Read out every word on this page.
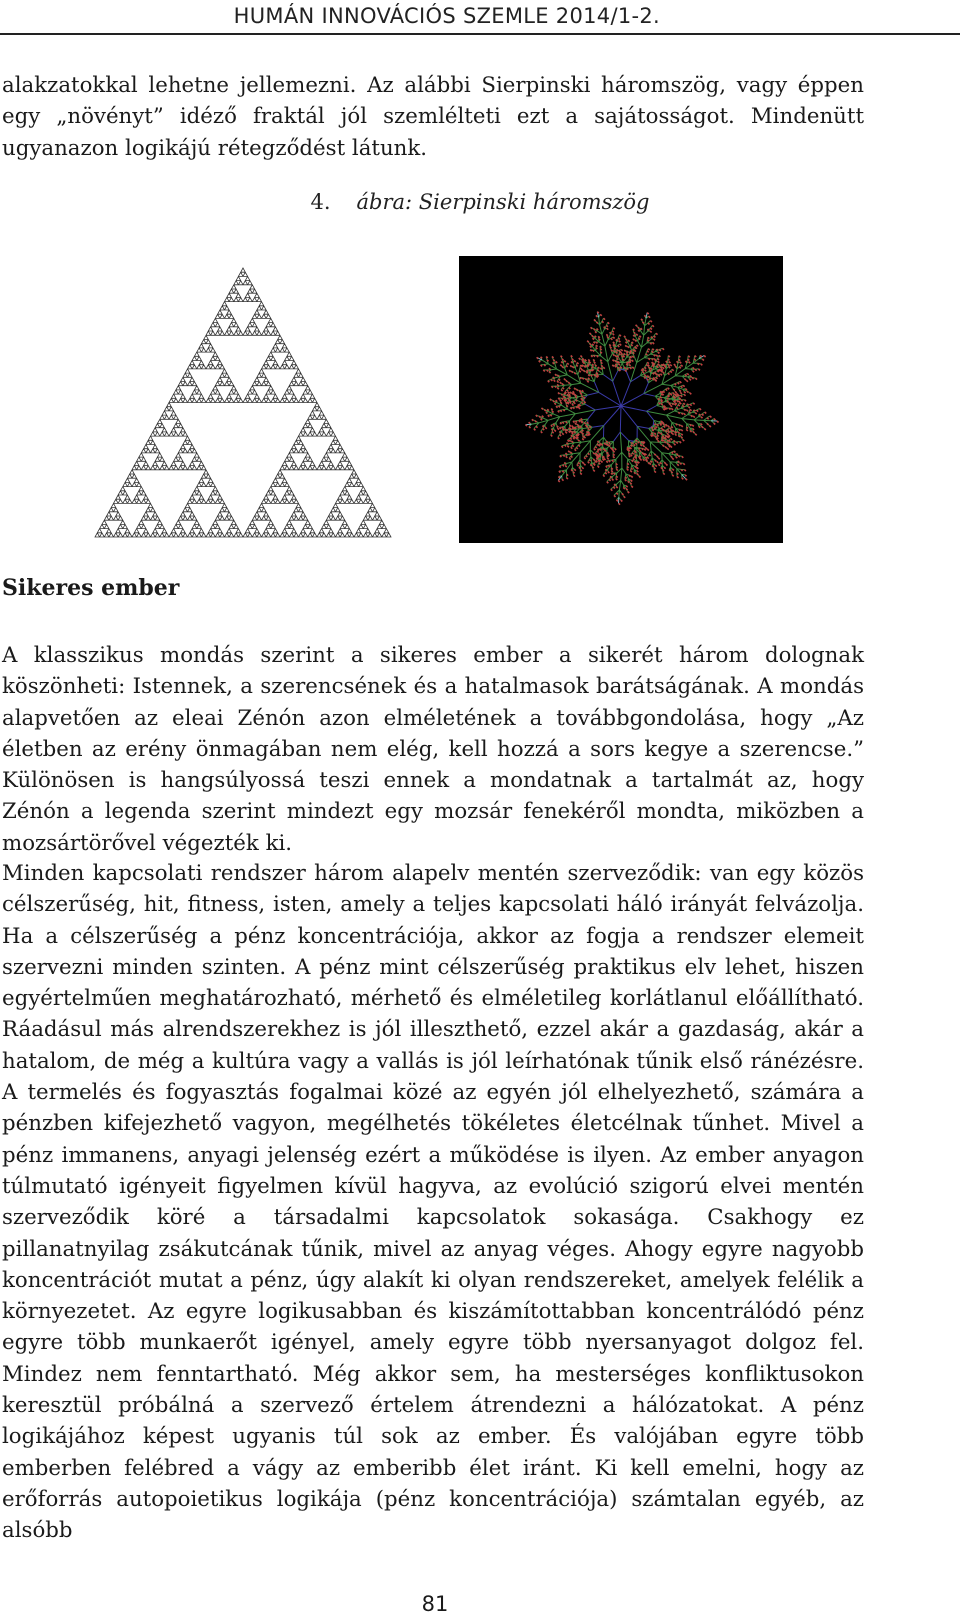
HUMÁN INNOVÁCIÓS SZEMLE 2014/1-2.

alakzatokkal lehetne jellemezni. Az alábbi Sierpinski háromszög, vagy éppen egy „növényt” idéző fraktál jól szemlélteti ezt a sajátosságot. Mindenütt ugyanazon logikájú rétegződést látunk.

4. ábra: Sierpinski háromszög
Sikeres ember

A klasszikus mondás szerint a sikeres ember a sikerét három dolognak köszönheti: Istennek, a szerencsének és a hatalmasok barátságának. A mondás alapvetően az eleai Zénón azon elméletének a továbbgondolása, hogy „Az életben az erény önmagában nem elég, kell hozzá a sors kegye a szerencse.” Különösen is hangsúlyossá teszi ennek a mondatnak a tartalmát az, hogy Zénón a legenda szerint mindezt egy mozsár fenekéről mondta, miközben a mozsártörővel végezték ki.

Minden kapcsolati rendszer három alapelv mentén szerveződik: van egy közös célszerűség, hit, fitness, isten, amely a teljes kapcsolati háló irányát felvázolja. Ha a célszerűség a pénz koncentrációja, akkor az fogja a rendszer elemeit szervezni minden szinten. A pénz mint célszerűség praktikus elv lehet, hiszen egyértelműen meghatározható, mérhető és elméletileg korlátlanul előállítható. Ráadásul más alrendszerekhez is jól illeszthető, ezzel akár a gazdaság, akár a hatalom, de még a kultúra vagy a vallás is jól leírhatónak tűnik első ránézésre. A termelés és fogyasztás fogalmai közé az egyén jól elhelyezhető, számára a pénzben kifejezhető vagyon, megélhetés tökéletes életcélnak tűnhet. Mivel a pénz immanens, anyagi jelenség ezért a működése is ilyen. Az ember anyagon túlmutató igényeit figyelmen kívül hagyva, az evolúció szigorú elvei mentén szerveződik köré a társadalmi kapcsolatok sokasága. Csakhogy ez pillanatnyilag zsákutcának tűnik, mivel az anyag véges. Ahogy egyre nagyobb koncentrációt mutat a pénz, úgy alakít ki olyan rendszereket, amelyek felélik a környezetet. Az egyre logikusabban és kiszámítottabban koncentrálódó pénz egyre több munkaerőt igényel, amely egyre több nyersanyagot dolgoz fel. Mindez nem fenntartható. Még akkor sem, ha mesterséges konfliktusokon keresztül próbálná a szervező értelem átrendezni a hálózatokat. A pénz logikájához képest ugyanis túl sok az ember. És valójában egyre több emberben felébred a vágy az emberibb élet iránt. Ki kell emelni, hogy az erőforrás autopoietikus logikája (pénz koncentrációja) számtalan egyéb, az alsóbb

81
